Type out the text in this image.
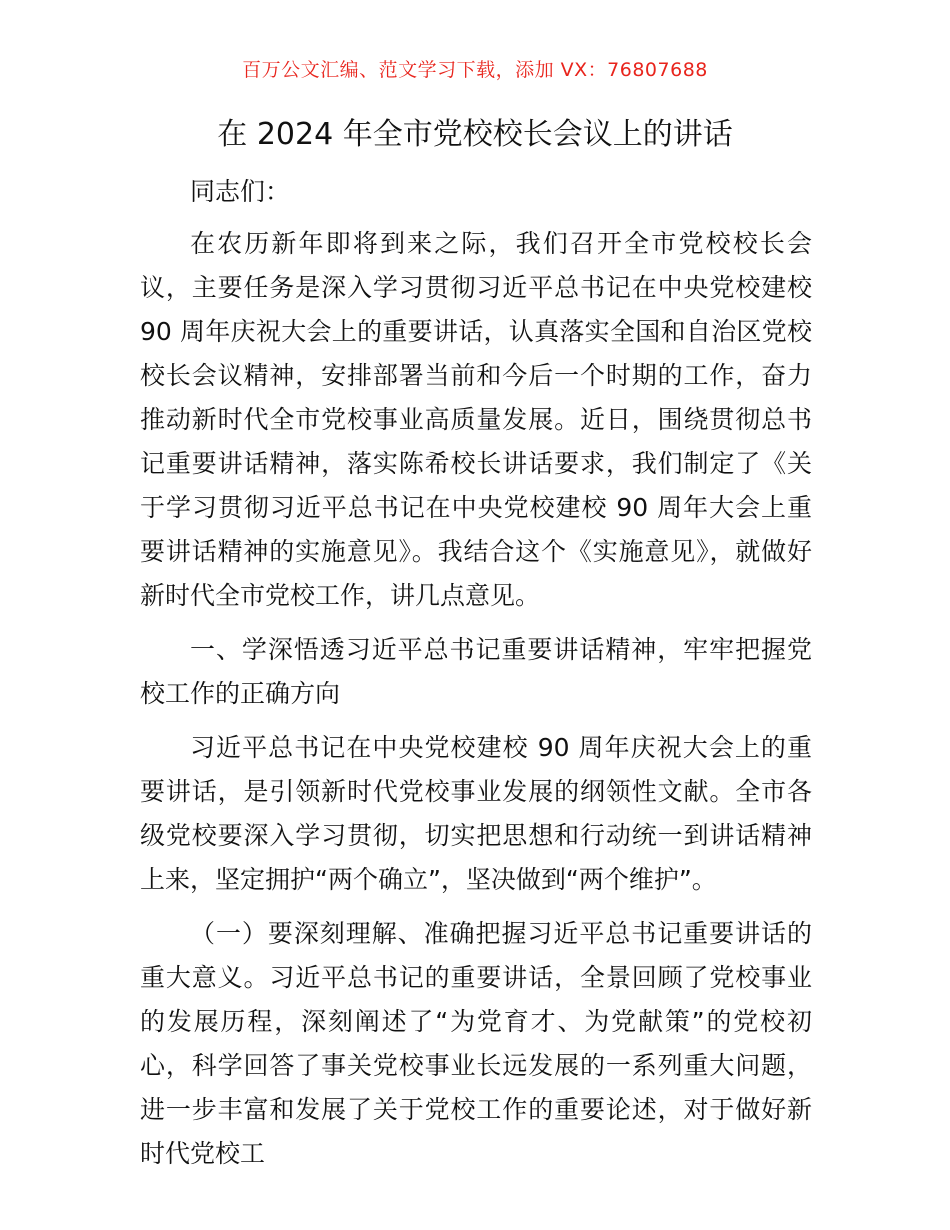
百万公文汇编、范文学习下载，添加 VX：76807688
在 2024 年全市党校校长会议上的讲话

同志们：

在农历新年即将到来之际，我们召开全市党校校长会议，主要任务是深入学习贯彻习近平总书记在中央党校建校 90 周年庆祝大会上的重要讲话，认真落实全国和自治区党校校长会议精神，安排部署当前和今后一个时期的工作，奋力推动新时代全市党校事业高质量发展。近日，围绕贯彻总书记重要讲话精神，落实陈希校长讲话要求，我们制定了《关于学习贯彻习近平总书记在中央党校建校 90 周年大会上重要讲话精神的实施意见》。我结合这个《实施意见》，就做好新时代全市党校工作，讲几点意见。

一、学深悟透习近平总书记重要讲话精神，牢牢把握党校工作的正确方向

习近平总书记在中央党校建校 90 周年庆祝大会上的重要讲话，是引领新时代党校事业发展的纲领性文献。全市各级党校要深入学习贯彻，切实把思想和行动统一到讲话精神上来，坚定拥护“两个确立”，坚决做到“两个维护”。

（一）要深刻理解、准确把握习近平总书记重要讲话的重大意义。习近平总书记的重要讲话，全景回顾了党校事业的发展历程，深刻阐述了“为党育才、为党献策”的党校初心，科学回答了事关党校事业长远发展的一系列重大问题，进一步丰富和发展了关于党校工作的重要论述，对于做好新时代党校工
